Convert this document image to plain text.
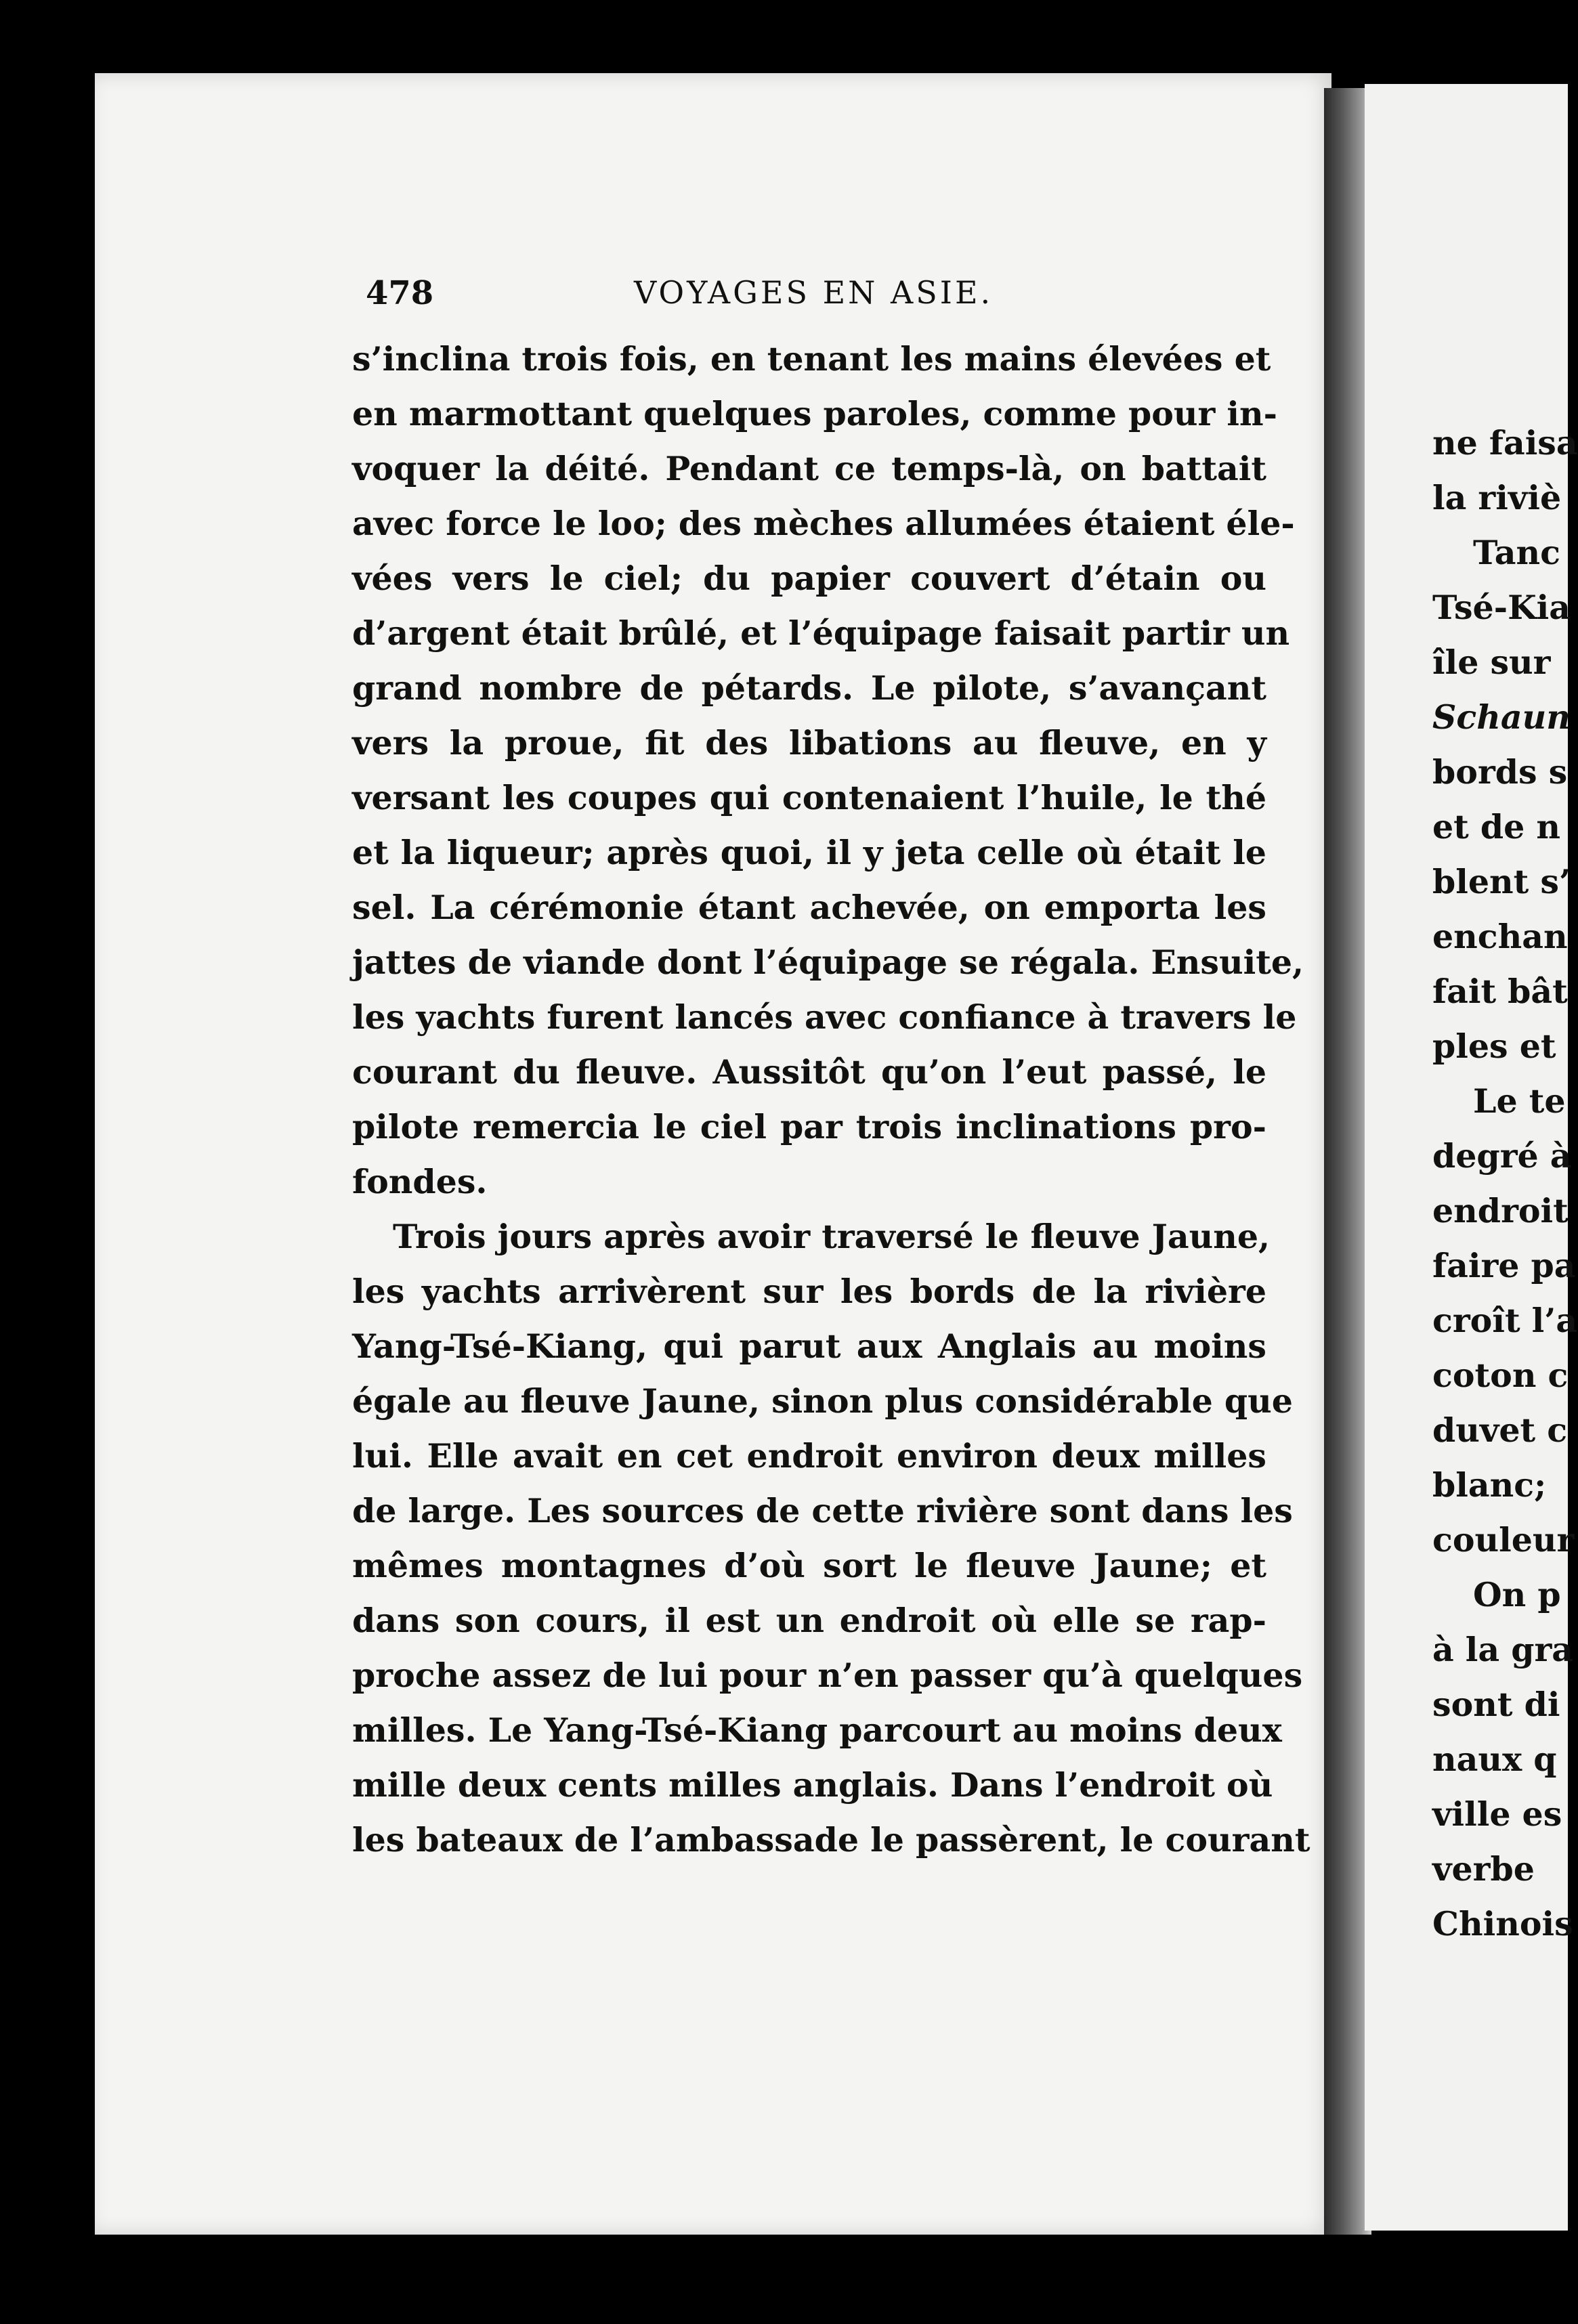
ne faisa
la riviè
Tanc
Tsé-Kia
île sur
Schaun
bords s
et de n
blent s’
enchan
fait bât
ples et
Le te
degré à
endroit
faire pa
croît l’a
coton c
duvet c
blanc;
couleur
On p
à la gra
sont di
naux q
ville es
verbe
Chinois
478	VOYAGES EN ASIE.
s’inclina trois fois, en tenant les mains élevées et
en marmottant quelques paroles, comme pour in-
voquer la déité. Pendant ce temps-là, on battait
avec force le loo; des mèches allumées étaient éle-
vées vers le ciel; du papier couvert d’étain ou
d’argent était brûlé, et l’équipage faisait partir un
grand nombre de pétards. Le pilote, s’avançant
vers la proue, fit des libations au fleuve, en y
versant les coupes qui contenaient l’huile, le thé
et la liqueur; après quoi, il y jeta celle où était le
sel. La cérémonie étant achevée, on emporta les
jattes de viande dont l’équipage se régala. Ensuite,
les yachts furent lancés avec confiance à travers le
courant du fleuve. Aussitôt qu’on l’eut passé, le
pilote remercia le ciel par trois inclinations pro-
fondes.
Trois jours après avoir traversé le fleuve Jaune,
les yachts arrivèrent sur les bords de la rivière
Yang-Tsé-Kiang, qui parut aux Anglais au moins
égale au fleuve Jaune, sinon plus considérable que
lui. Elle avait en cet endroit environ deux milles
de large. Les sources de cette rivière sont dans les
mêmes montagnes d’où sort le fleuve Jaune; et
dans son cours, il est un endroit où elle se rap-
proche assez de lui pour n’en passer qu’à quelques
milles. Le Yang-Tsé-Kiang parcourt au moins deux
mille deux cents milles anglais. Dans l’endroit où
les bateaux de l’ambassade le passèrent, le courant
